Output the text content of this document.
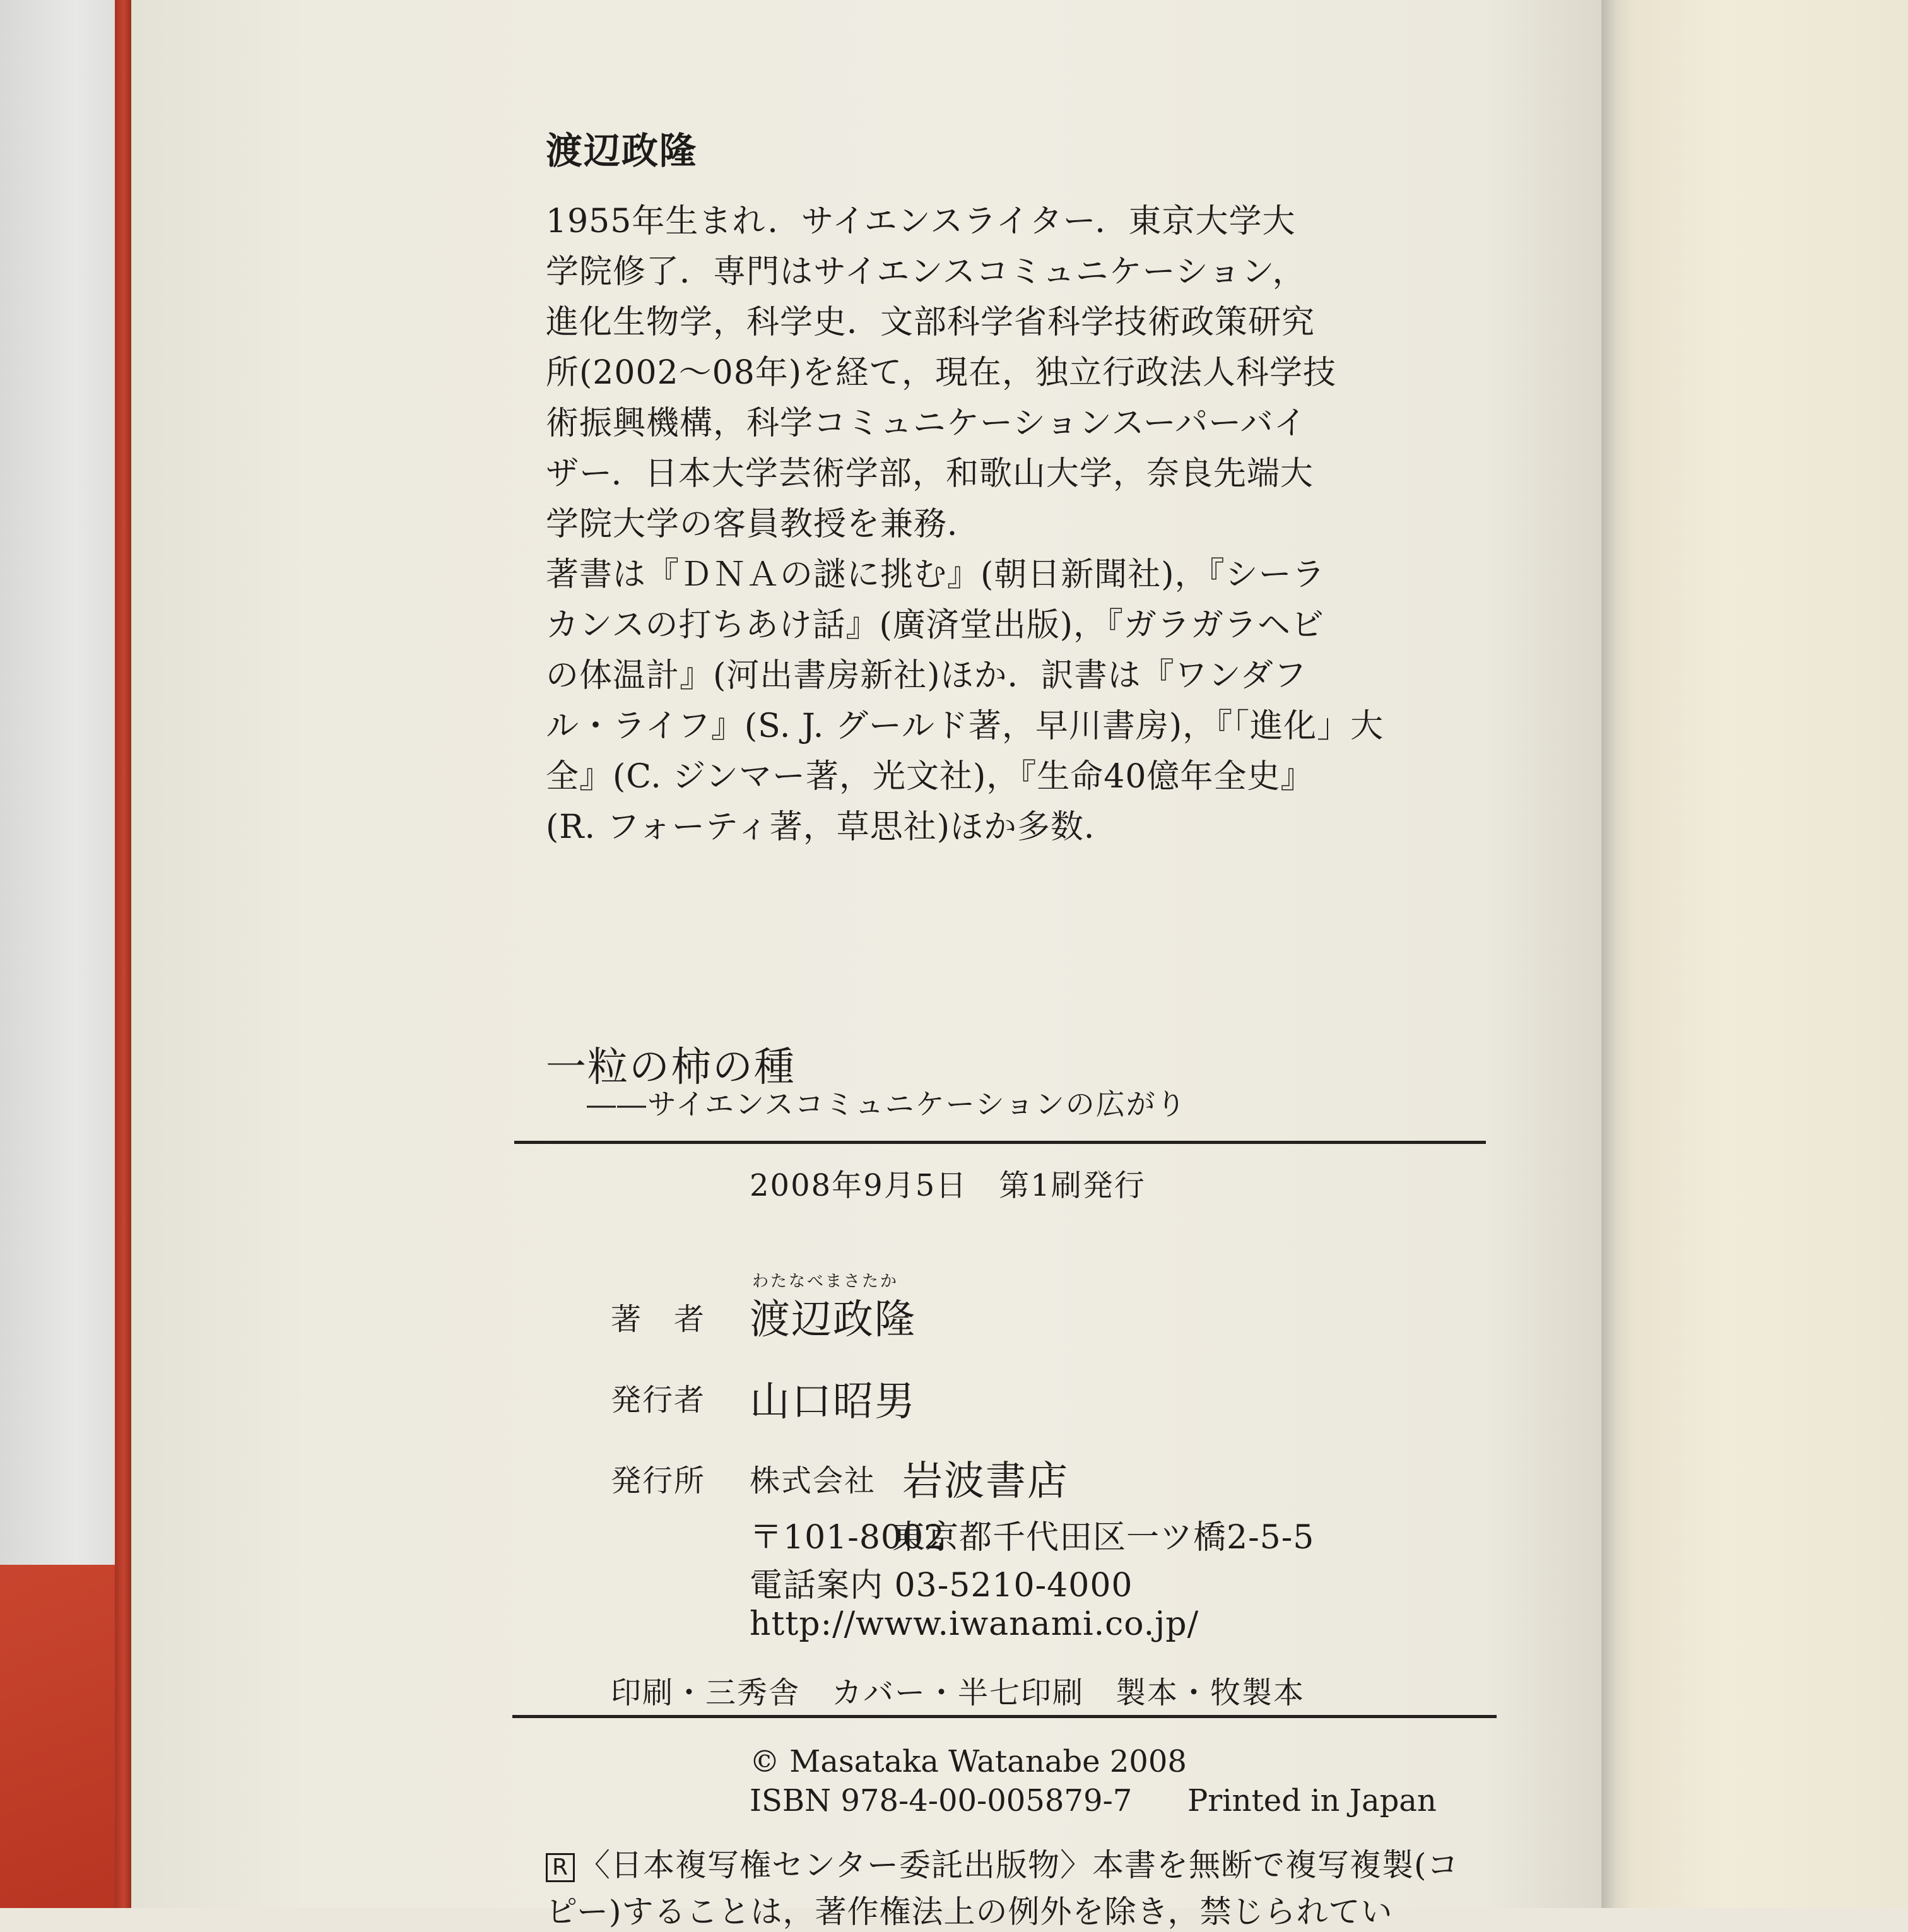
渡辺政隆
1955年生まれ．サイエンスライター．東京大学大
学院修了．専門はサイエンスコミュニケーション，
進化生物学，科学史．文部科学省科学技術政策研究
所(2002〜08年)を経て，現在，独立行政法人科学技
術振興機構，科学コミュニケーションスーパーバイ
ザー．日本大学芸術学部，和歌山大学，奈良先端大
学院大学の客員教授を兼務．
著書は『ＤＮＡの謎に挑む』(朝日新聞社)，『シーラ
カンスの打ちあけ話』(廣済堂出版)，『ガラガラヘビ
の体温計』(河出書房新社)ほか．訳書は『ワンダフ
ル・ライフ』(S. J. グールド著，早川書房)，『「進化」大
全』(C. ジンマー著，光文社)，『生命40億年全史』
(R. フォーティ著，草思社)ほか多数．
一粒の柿の種
――サイエンスコミュニケーションの広がり
2008年9月5日　第1刷発行
著　者
わたなべまさたか
渡辺政隆
発行者 山口昭男
発行所 株式会社 岩波書店
〒101-8002
東京都千代田区一ツ橋2-5-5
電話案内 03-5210-4000
http://www.iwanami.co.jp/
印刷・三秀舎　カバー・半七印刷　製本・牧製本
© Masataka Watanabe 2008
ISBN 978-4-00-005879-7 Printed in Japan
R 〈日本複写権センター委託出版物〉本書を無断で複写複製(コ
ピー)することは，著作権法上の例外を除き，禁じられてい
